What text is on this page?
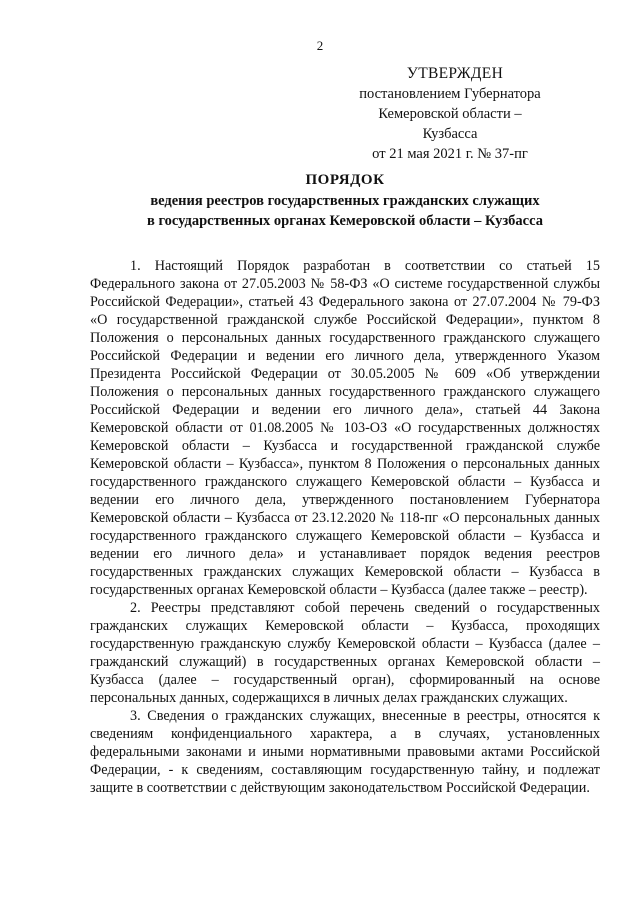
2
УТВЕРЖДЕН
постановлением Губернатора
Кемеровской области – Кузбасса
от 21 мая 2021 г. № 37-пг
ПОРЯДОК
ведения реестров государственных гражданских служащих
в государственных органах Кемеровской области – Кузбасса

1. Настоящий Порядок разработан в соответствии со статьей 15 Федерального закона от 27.05.2003 № 58-ФЗ «О системе государственной службы Российской Федерации», статьей 43 Федерального закона от 27.07.2004 № 79-ФЗ «О государственной гражданской службе Российской Федерации», пунктом 8 Положения о персональных данных государственного гражданского служащего Российской Федерации и ведении его личного дела, утвержденного Указом Президента Российской Федерации от 30.05.2005 № 609 «Об утверждении Положения о персональных данных государственного гражданского служащего Российской Федерации и ведении его личного дела», статьей 44 Закона Кемеровской области от 01.08.2005 № 103-ОЗ «О государственных должностях Кемеровской области – Кузбасса и государственной гражданской службе Кемеровской области – Кузбасса», пунктом 8 Положения о персональных данных государственного гражданского служащего Кемеровской области – Кузбасса и ведении его личного дела, утвержденного постановлением Губернатора Кемеровской области – Кузбасса от 23.12.2020 № 118-пг «О персональных данных государственного гражданского служащего Кемеровской области – Кузбасса и ведении его личного дела» и устанавливает порядок ведения реестров государственных гражданских служащих Кемеровской области – Кузбасса в государственных органах Кемеровской области – Кузбасса (далее также – реестр).

2. Реестры представляют собой перечень сведений о государственных гражданских служащих Кемеровской области – Кузбасса, проходящих государственную гражданскую службу Кемеровской области – Кузбасса (далее – гражданский служащий) в государственных органах Кемеровской области – Кузбасса (далее – государственный орган), сформированный на основе персональных данных, содержащихся в личных делах гражданских служащих.

3. Сведения о гражданских служащих, внесенные в реестры, относятся к сведениям конфиденциального характера, а в случаях, установленных федеральными законами и иными нормативными правовыми актами Российской Федерации, - к сведениям, составляющим государственную тайну, и подлежат защите в соответствии с действующим законодательством Российской Федерации.
